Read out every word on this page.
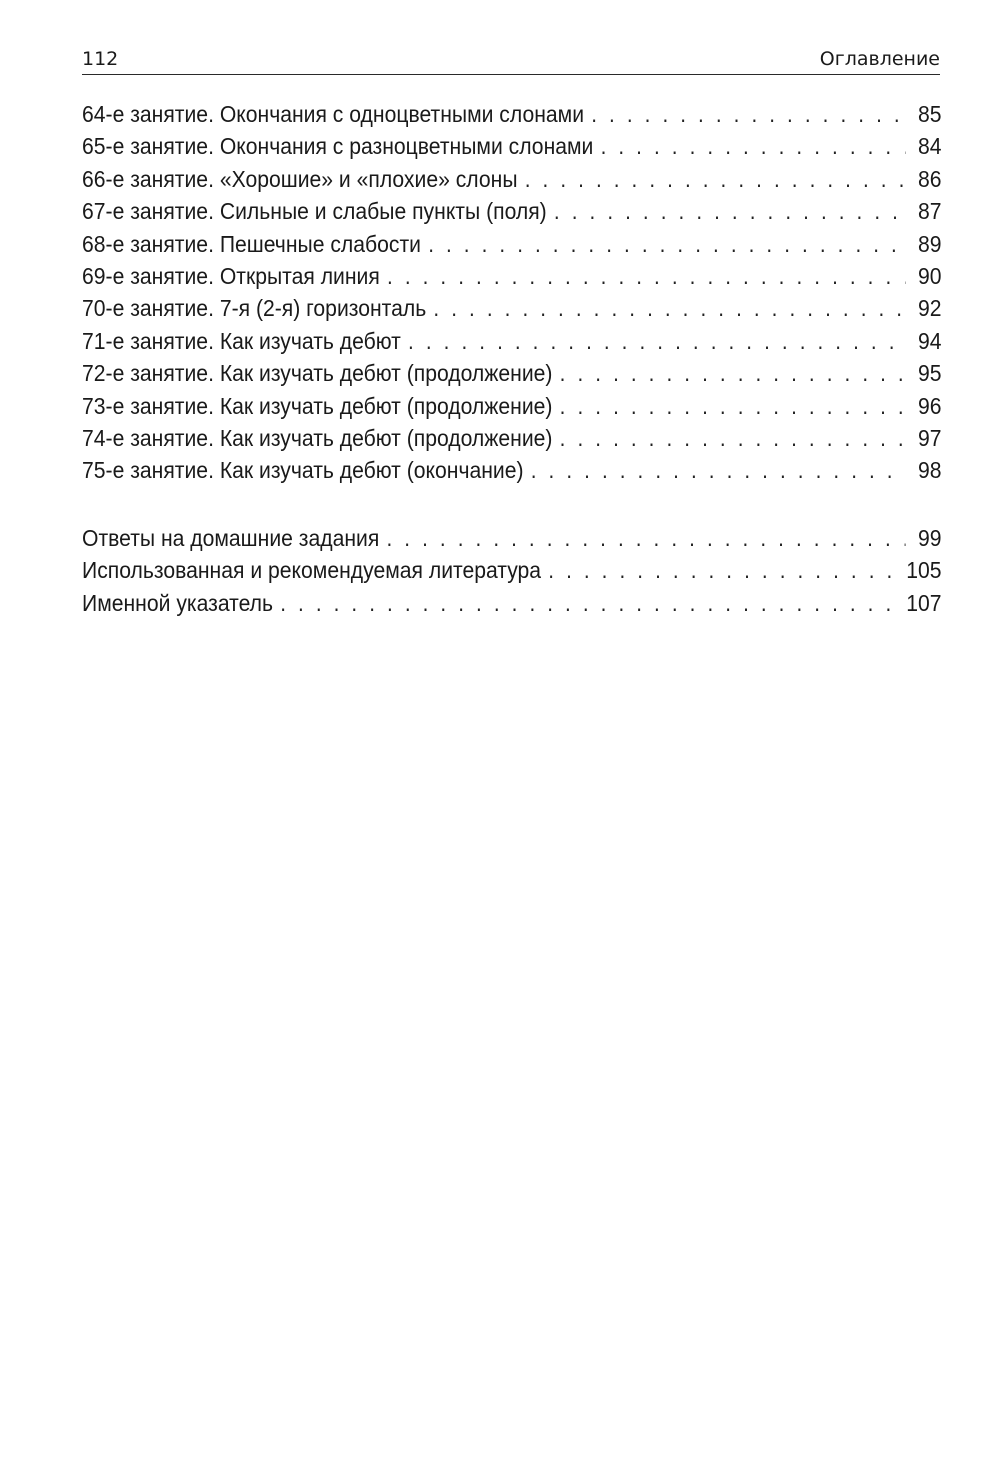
112	Оглавление
64-е занятие. Окончания с одноцветными слонами . . .	85
65-е занятие. Окончания с разноцветными слонами . . .	84
66-е занятие. «Хорошие» и «плохие» слоны . . .	86
67-е занятие. Сильные и слабые пункты (поля) . . .	87
68-е занятие. Пешечные слабости . . .	89
69-е занятие. Открытая линия . . .	90
70-е занятие. 7-я (2-я) горизонталь . . .	92
71-е занятие. Как изучать дебют . . .	94
72-е занятие. Как изучать дебют (продолжение) . . .	95
73-е занятие. Как изучать дебют (продолжение) . . .	96
74-е занятие. Как изучать дебют (продолжение) . . .	97
75-е занятие. Как изучать дебют (окончание) . . .	98
Ответы на домашние задания . . .	99
Использованная и рекомендуемая литература . . .	105
Именной указатель . . .	107
